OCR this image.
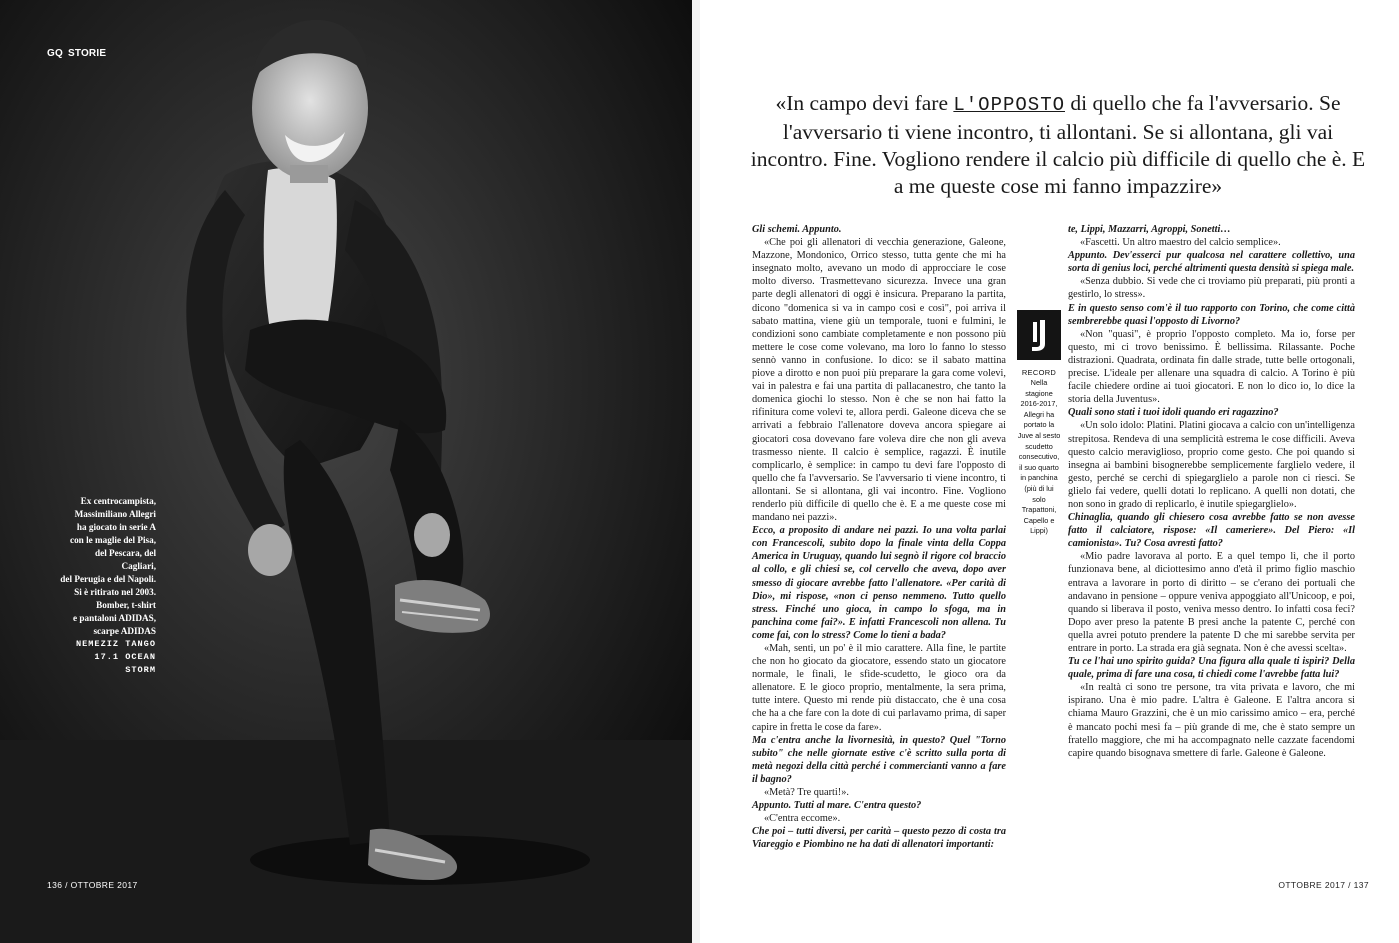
GQ STORIE
Ex centrocampista,
Massimiliano Allegri
ha giocato in serie A
con le maglie del Pisa,
del Pescara, del Cagliari,
del Perugia e del Napoli.
Si è ritirato nel 2003.
Bomber, t-shirt
e pantaloni ADIDAS,
scarpe ADIDAS
NEMEZIZ TANGO
17.1 OCEAN
STORM
136 / OTTOBRE 2017
«In campo devi fare L'OPPOSTO di quello che fa l'avversario. Se l'avversario ti viene incontro, ti allontani. Se si allontana, gli vai incontro. Fine. Vogliono rendere il calcio più difficile di quello che è. E a me queste cose mi fanno impazzire»

Gli schemi. Appunto.

«Che poi gli allenatori di vecchia generazione, Galeone, Mazzone, Mondonico, Orrico stesso, tutta gente che mi ha insegnato molto, avevano un modo di approcciare le cose molto diverso. Trasmettevano sicurezza. Invece una gran parte degli allenatori di oggi è insicura. Preparano la partita, dicono "domenica si va in campo così e così", poi arriva il sabato mattina, viene giù un temporale, tuoni e fulmini, le condizioni sono cambiate completamente e non possono più mettere le cose come volevano, ma loro lo fanno lo stesso sennò vanno in confusione. Io dico: se il sabato mattina piove a dirotto e non puoi più preparare la gara come volevi, vai in palestra e fai una partita di pallacanestro, che tanto la domenica giochi lo stesso. Non è che se non hai fatto la rifinitura come volevi te, allora perdi. Galeone diceva che se arrivati a febbraio l'allenatore doveva ancora spiegare ai giocatori cosa dovevano fare voleva dire che non gli aveva trasmesso niente. Il calcio è semplice, ragazzi. È inutile complicarlo, è semplice: in campo tu devi fare l'opposto di quello che fa l'avversario. Se l'avversario ti viene incontro, ti allontani. Se si allontana, gli vai incontro. Fine. Vogliono renderlo più difficile di quello che è. E a me queste cose mi mandano nei pazzi».

Ecco, a proposito di andare nei pazzi. Io una volta parlai con Francescoli, subito dopo la finale vinta della Coppa America in Uruguay, quando lui segnò il rigore col braccio al collo, e gli chiesi se, col cervello che aveva, dopo aver smesso di giocare avrebbe fatto l'allenatore. «Per carità di Dio», mi rispose, «non ci penso nemmeno. Tutto quello stress. Finché uno gioca, in campo lo sfoga, ma in panchina come fai?». E infatti Francescoli non allena. Tu come fai, con lo stress? Come lo tieni a bada?

«Mah, senti, un po' è il mio carattere. Alla fine, le partite che non ho giocato da giocatore, essendo stato un giocatore normale, le finali, le sfide-scudetto, le gioco ora da allenatore. E le gioco proprio, mentalmente, la sera prima, tutte intere. Questo mi rende più distaccato, che è una cosa che ha a che fare con la dote di cui parlavamo prima, di saper capire in fretta le cose da fare».

Ma c'entra anche la livornesità, in questo? Quel "Torno subito" che nelle giornate estive c'è scritto sulla porta di metà negozi della città perché i commercianti vanno a fare il bagno?

«Metà? Tre quarti!».

Appunto. Tutti al mare. C'entra questo?

«C'entra eccome».

Che poi – tutti diversi, per carità – questo pezzo di costa tra Viareggio e Piombino ne ha dati di allenatori importanti:

RECORD
Nella stagione 2016-2017, Allegri ha portato la Juve al sesto scudetto consecutivo, il suo quarto in panchina (più di lui solo Trapattoni, Capello e Lippi)

te, Lippi, Mazzarri, Agroppi, Sonetti…

«Fascetti. Un altro maestro del calcio semplice».

Appunto. Dev'esserci pur qualcosa nel carattere collettivo, una sorta di genius loci, perché altrimenti questa densità si spiega male.

«Senza dubbio. Si vede che ci troviamo più preparati, più pronti a gestirlo, lo stress».

E in questo senso com'è il tuo rapporto con Torino, che come città sembrerebbe quasi l'opposto di Livorno?

«Non "quasi", è proprio l'opposto completo. Ma io, forse per questo, mi ci trovo benissimo. È bellissima. Rilassante. Poche distrazioni. Quadrata, ordinata fin dalle strade, tutte belle ortogonali, precise. L'ideale per allenare una squadra di calcio. A Torino è più facile chiedere ordine ai tuoi giocatori. E non lo dico io, lo dice la storia della Juventus».

Quali sono stati i tuoi idoli quando eri ragazzino?

«Un solo idolo: Platini. Platini giocava a calcio con un'intelligenza strepitosa. Rendeva di una semplicità estrema le cose difficili. Aveva questo calcio meraviglioso, proprio come gesto. Che poi quando si insegna ai bambini bisognerebbe semplicemente farglielo vedere, il gesto, perché se cerchi di spiegarglielo a parole non ci riesci. Se glielo fai vedere, quelli dotati lo replicano. A quelli non dotati, che non sono in grado di replicarlo, è inutile spiegarglielo».

Chinaglia, quando gli chiesero cosa avrebbe fatto se non avesse fatto il calciatore, rispose: «Il cameriere». Del Piero: «Il camionista». Tu? Cosa avresti fatto?

«Mio padre lavorava al porto. E a quel tempo lì, che il porto funzionava bene, al diciottesimo anno d'età il primo figlio maschio entrava a lavorare in porto di diritto – se c'erano dei portuali che andavano in pensione – oppure veniva appoggiato all'Unicoop, e poi, quando si liberava il posto, veniva messo dentro. Io infatti cosa feci? Dopo aver preso la patente B presi anche la patente C, perché con quella avrei potuto prendere la patente D che mi sarebbe servita per entrare in porto. La strada era già segnata. Non è che avessi scelta».

Tu ce l'hai uno spirito guida? Una figura alla quale ti ispiri? Della quale, prima di fare una cosa, ti chiedi come l'avrebbe fatta lui?

«In realtà ci sono tre persone, tra vita privata e lavoro, che mi ispirano. Una è mio padre. L'altra è Galeone. E l'altra ancora si chiama Mauro Grazzini, che è un mio carissimo amico – era, perché è mancato pochi mesi fa – più grande di me, che è stato sempre un fratello maggiore, che mi ha accompagnato nelle cazzate facendomi capire quando bisognava smettere di farle. Galeone è Galeone.

OTTOBRE 2017 / 137
